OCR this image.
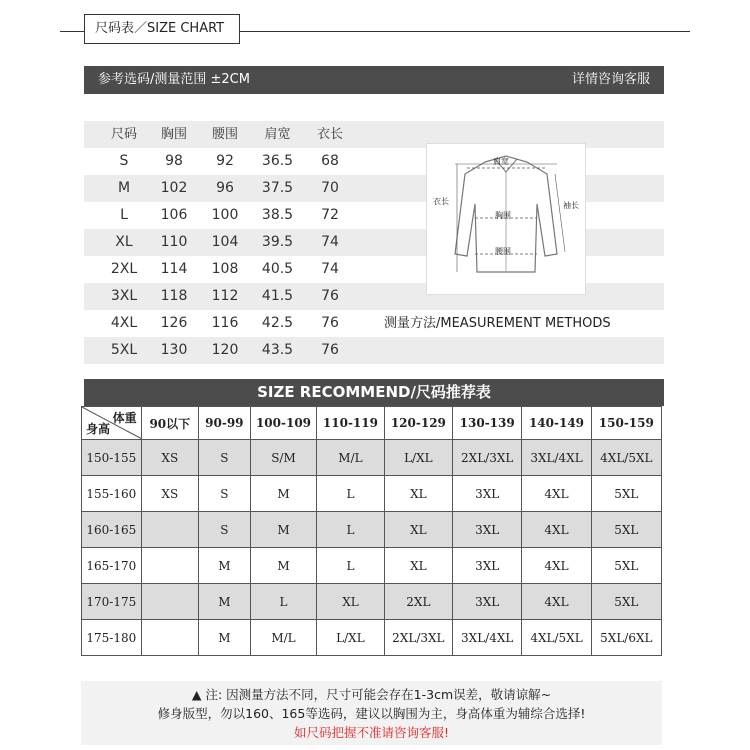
尺码表／SIZE CHART
参考选码/测量范围 ±2CM	详情咨询客服
尺码	胸围	腰围	肩宽	衣长
S	98	92	36.5	68
M	102	96	37.5	70
L	106	100	38.5	72
XL	110	104	39.5	74
2XL	114	108	40.5	74
3XL	118	112	41.5	76
4XL	126	116	42.5	76
5XL	130	120	43.5	76
肩宽
衣长	袖长
胸围
腰围
测量方法/MEASUREMENT METHODS
SIZE RECOMMEND/尺码推荐表
体重
身高	90以下	90-99	100-109	110-119	120-129	130-139	140-149	150-159
150-155	XS	S	S/M	M/L	L/XL	2XL/3XL	3XL/4XL	4XL/5XL
155-160	XS	S	M	L	XL	3XL	4XL	5XL
160-165		S	M	L	XL	3XL	4XL	5XL
165-170		M	M	L	XL	3XL	4XL	5XL
170-175		M	L	XL	2XL	3XL	4XL	5XL
175-180		M	M/L	L/XL	2XL/3XL	3XL/4XL	4XL/5XL	5XL/6XL
▲ 注: 因测量方法不同，尺寸可能会存在1-3cm误差，敬请谅解~
修身版型，勿以160、165等选码，建议以胸围为主，身高体重为辅综合选择!
如尺码把握不准请咨询客服!
